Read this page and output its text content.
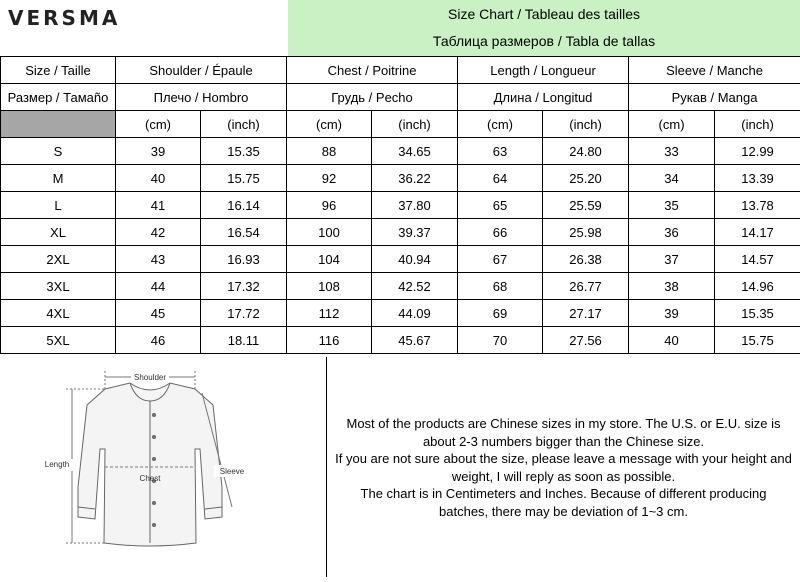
VERSMA	Size Chart / Tableau des tailles
Таблица размеров / Tabla de tallas
Size / Taille	Shoulder / Épaule		Chest / Poitrine		Length / Longueur		Sleeve / Manche	
Размер / Тамаño	Плечо / Hombro		Грудь / Pecho		Длина / Longitud		Рукав / Manga	
	(cm)	(inch)	(cm)	(inch)	(cm)	(inch)	(cm)	(inch)
S	39	15.35	88	34.65	63	24.80	33	12.99
M	40	15.75	92	36.22	64	25.20	34	13.39
L	41	16.14	96	37.80	65	25.59	35	13.78
XL	42	16.54	100	39.37	66	25.98	36	14.17
2XL	43	16.93	104	40.94	67	26.38	37	14.57
3XL	44	17.32	108	42.52	68	26.77	38	14.96
4XL	45	17.72	112	44.09	69	27.17	39	15.35
5XL	46	18.11	116	45.67	70	27.56	40	15.75
Shoulder
Length
Chest
Sleeve
Most of the products are Chinese sizes in my store. The U.S. or E.U. size is
about 2-3 numbers bigger than the Chinese size.
If you are not sure about the size, please leave a message with your height and
weight, I will reply as soon as possible.
The chart is in Centimeters and Inches. Because of different producing
batches, there may be deviation of 1~3 cm.
